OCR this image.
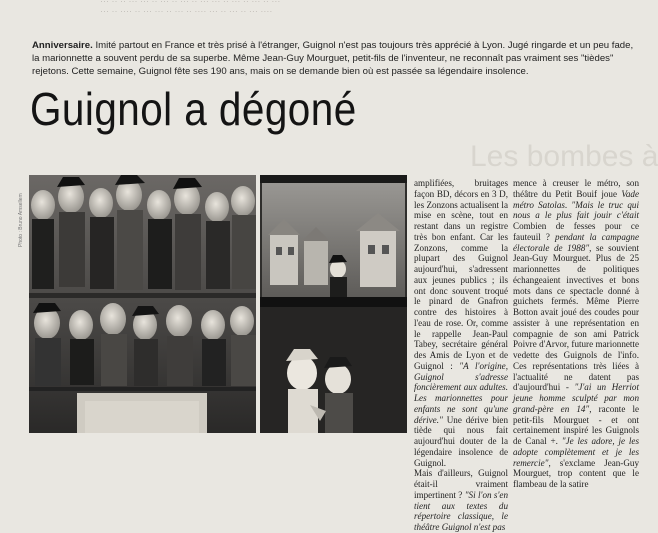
··· ·· ·· ··· ··· ·· ··· ·· ··· ·· ··· ··· ·· ··· ·· ··· ·· ···
··· ·· ···· ·· ··· ··· ·· ··· ·· ···· ··· ·· ··· ·· ··· ····
Anniversaire. Imité partout en France et très prisé à l'étranger, Guignol n'est pas toujours très apprécié à Lyon. Jugé ringarde et un peu fade, la marionnette a souvent perdu de sa superbe. Même Jean-Guy Mourguet, petit-fils de l'inventeur, ne reconnaît pas vraiment ses "tièdes" rejetons. Cette semaine, Guignol fête ses 190 ans, mais on se demande bien où est passée sa légendaire insolence.
Guignol a dégoné
Les bombes à
Photo : Bruno Amsellem

amplifiées, bruitages façon BD, décors en 3 D, les Zonzons actualisent la mise en scène, tout en restant dans un registre très bon enfant. Car les Zonzons, comme la plupart des Guignol aujourd'hui, s'adressent aux jeunes publics ; ils ont donc souvent troqué le pinard de Gnafron contre des histoires à l'eau de rose. Or, comme le rappelle Jean-Paul Tabey, secrétaire général des Amis de Lyon et de Guignol : "A l'origine, Guignol s'adresse foncièrement aux adultes. Les marionnettes pour enfants ne sont qu'une dérive." Une dérive bien tiède qui nous fait aujourd'hui douter de la légendaire insolence de Guignol.

Mais d'ailleurs, Guignol était-il vraiment impertinent ? "Si l'on s'en tient aux textes du répertoire classique, le théâtre Guignol n'est pas

mence à creuser le métro, son théâtre du Petit Bouif joue Vade métro Satolas. "Mais le truc qui nous a le plus fait jouir c'était Combien de fesses pour ce fauteuil ? pendant la campagne électorale de 1988", se souvient Jean-Guy Mourguet. Plus de 25 marionnettes de politiques échangeaient invectives et bons mots dans ce spectacle donné à guichets fermés. Même Pierre Botton avait joué des coudes pour assister à une représentation en compagnie de son ami Patrick Poivre d'Arvor, future marionnette vedette des Guignols de l'info. Ces représentations très liées à l'actualité ne datent pas d'aujourd'hui - "J'ai un Herriot jeune homme sculpté par mon grand-père en 14", raconte le petit-fils Mourguet - et ont certainement inspiré les Guignols de Canal +. "Je les adore, je les adopte complètement et je les remercie", s'exclame Jean-Guy Mourguet, trop content que le flambeau de la satire
